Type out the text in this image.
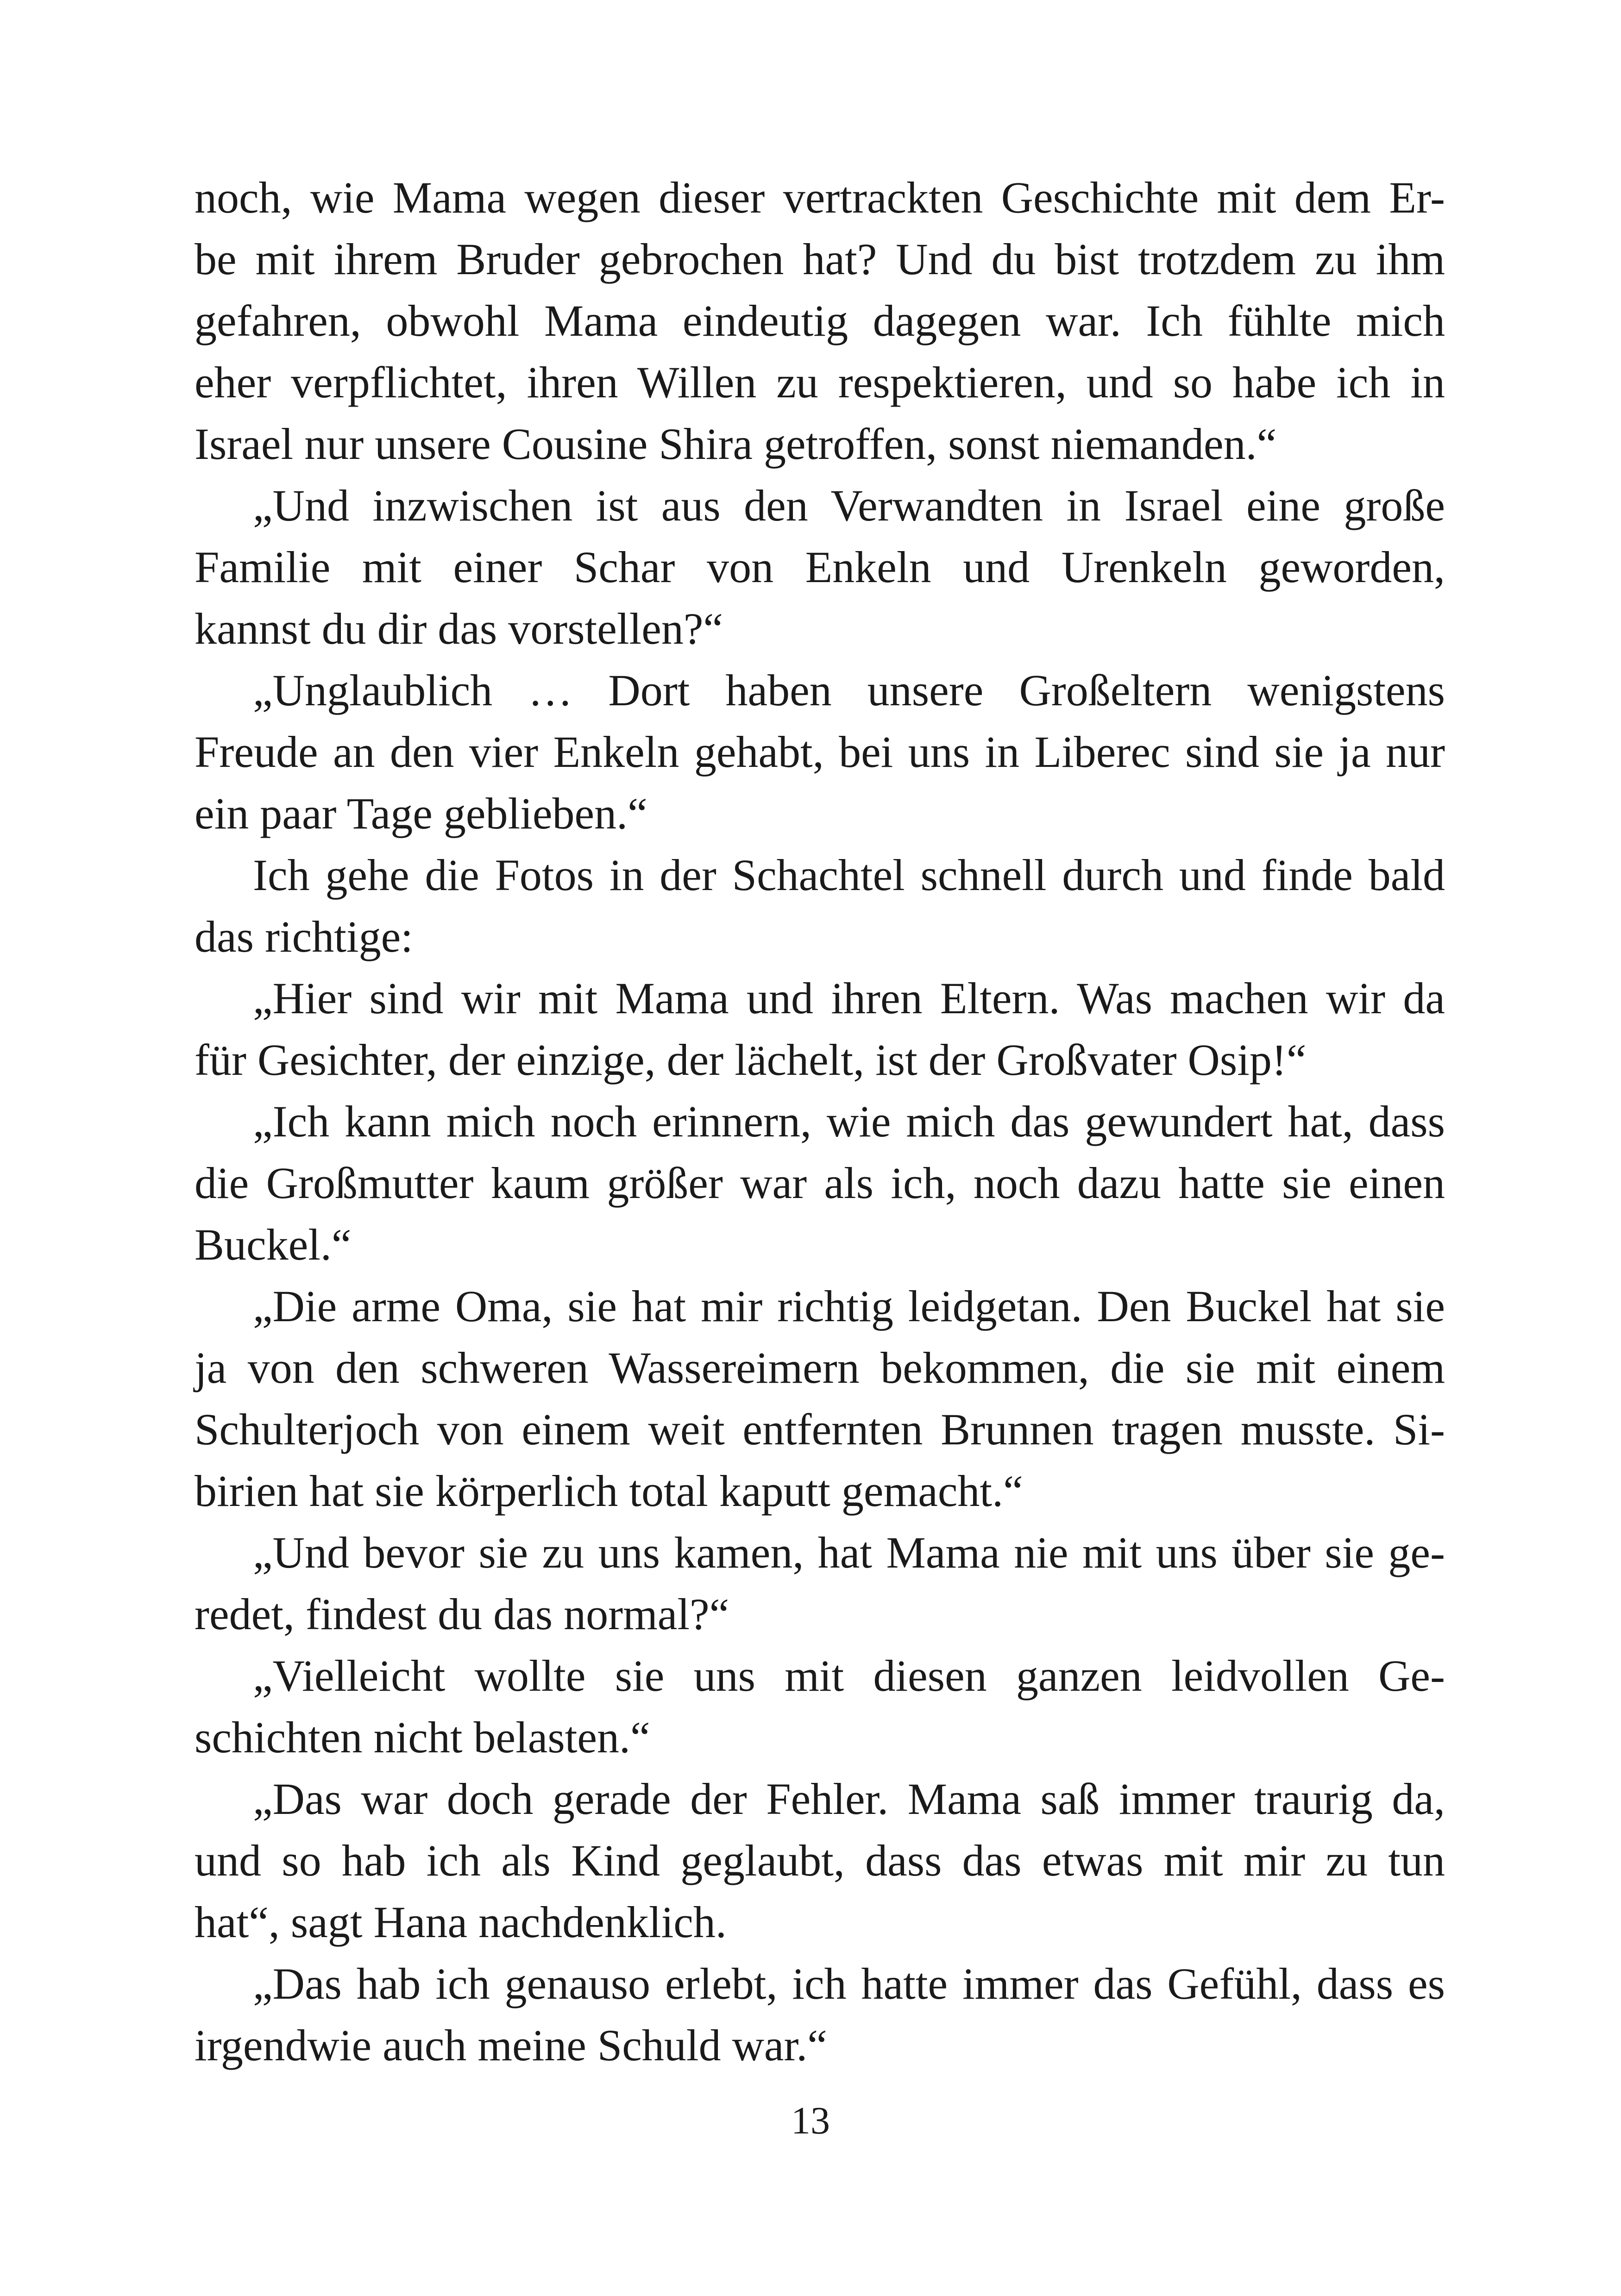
noch, wie Mama wegen dieser vertrackten Geschichte mit dem Er-
be mit ihrem Bruder gebrochen hat? Und du bist trotzdem zu ihm
gefahren, obwohl Mama eindeutig dagegen war. Ich fühlte mich
eher verpflichtet, ihren Willen zu respektieren, und so habe ich in
Israel nur unsere Cousine Shira getroffen, sonst niemanden.“
„Und inzwischen ist aus den Verwandten in Israel eine große
Familie mit einer Schar von Enkeln und Urenkeln geworden,
kannst du dir das vorstellen?“
„Unglaublich … Dort haben unsere Großeltern wenigstens
Freude an den vier Enkeln gehabt, bei uns in Liberec sind sie ja nur
ein paar Tage geblieben.“
Ich gehe die Fotos in der Schachtel schnell durch und finde bald
das richtige:
„Hier sind wir mit Mama und ihren Eltern. Was machen wir da
für Gesichter, der einzige, der lächelt, ist der Großvater Osip!“
„Ich kann mich noch erinnern, wie mich das gewundert hat, dass
die Großmutter kaum größer war als ich, noch dazu hatte sie einen
Buckel.“
„Die arme Oma, sie hat mir richtig leidgetan. Den Buckel hat sie
ja von den schweren Wassereimern bekommen, die sie mit einem
Schulterjoch von einem weit entfernten Brunnen tragen musste. Si-
birien hat sie körperlich total kaputt gemacht.“
„Und bevor sie zu uns kamen, hat Mama nie mit uns über sie ge-
redet, findest du das normal?“
„Vielleicht wollte sie uns mit diesen ganzen leidvollen Ge-
schichten nicht belasten.“
„Das war doch gerade der Fehler. Mama saß immer traurig da,
und so hab ich als Kind geglaubt, dass das etwas mit mir zu tun
hat“, sagt Hana nachdenklich.
„Das hab ich genauso erlebt, ich hatte immer das Gefühl, dass es
irgendwie auch meine Schuld war.“
13
